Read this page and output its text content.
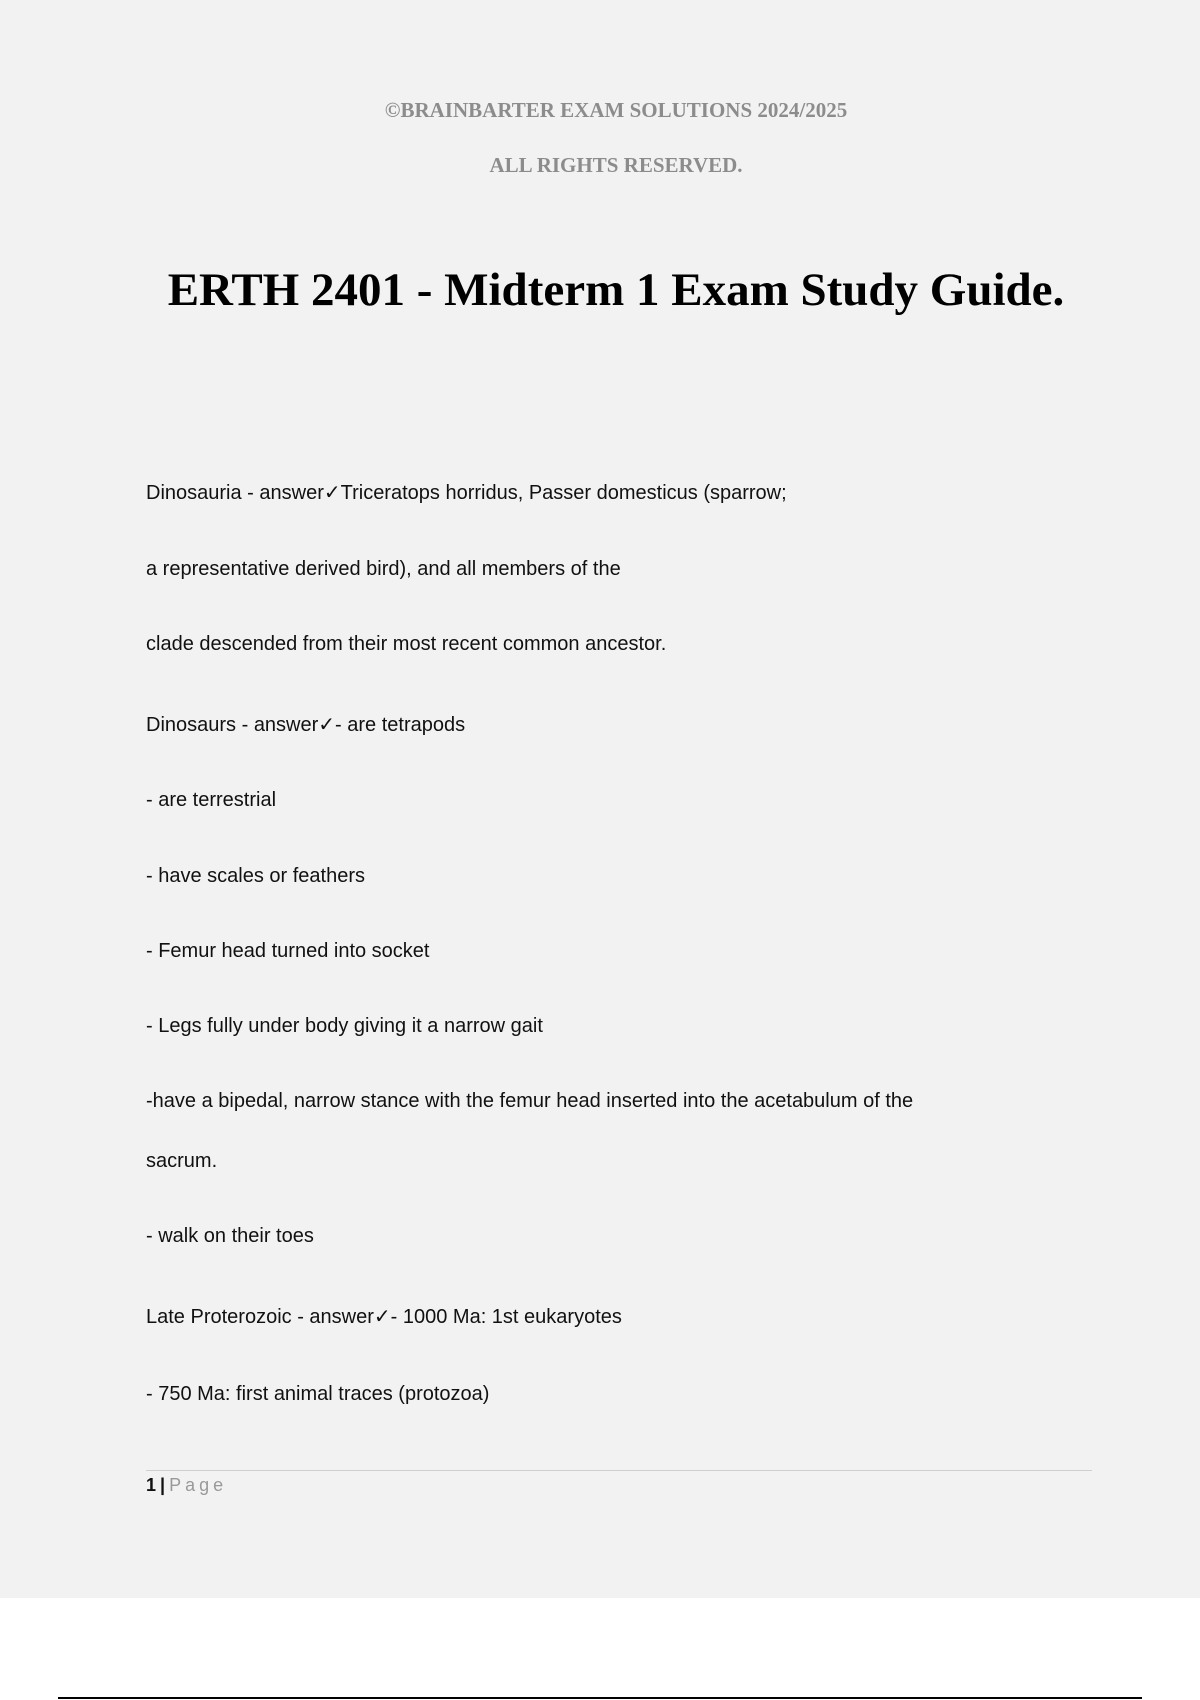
©BRAINBARTER EXAM SOLUTIONS 2024/2025
ALL RIGHTS RESERVED.
ERTH 2401 - Midterm 1 Exam Study Guide.
Dinosauria - answer✓Triceratops horridus, Passer domesticus (sparrow;
a representative derived bird), and all members of the
clade descended from their most recent common ancestor.
Dinosaurs - answer✓- are tetrapods
- are terrestrial
- have scales or feathers
- Femur head turned into socket
- Legs fully under body giving it a narrow gait
-have a bipedal, narrow stance with the femur head inserted into the acetabulum of the
sacrum.
- walk on their toes
Late Proterozoic - answer✓- 1000 Ma: 1st eukaryotes
- 750 Ma: first animal traces (protozoa)
1 | Page
